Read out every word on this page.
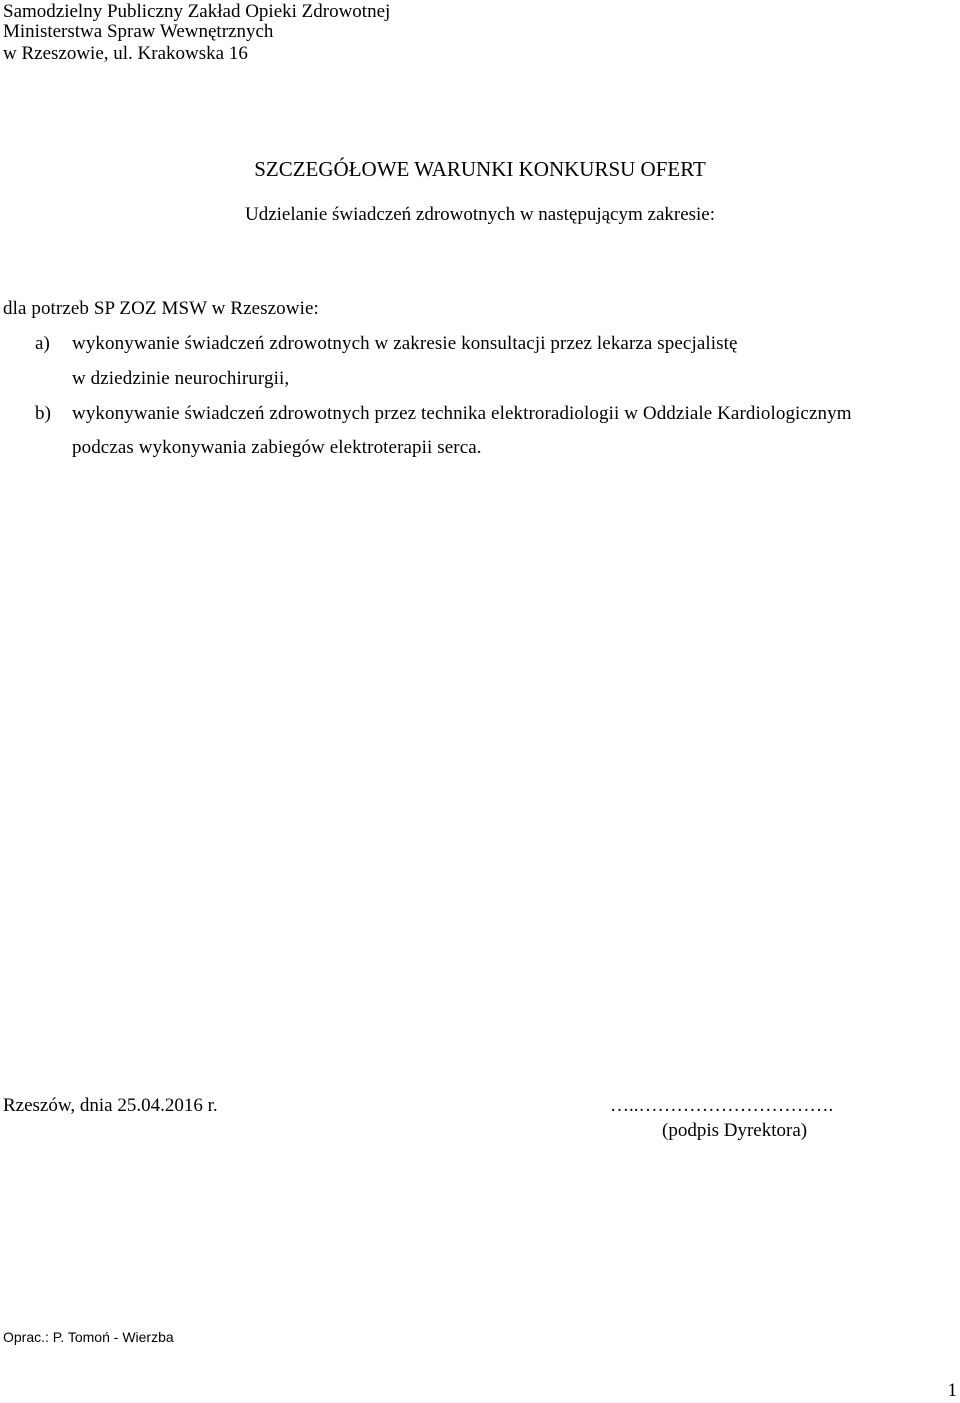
Samodzielny Publiczny Zakład Opieki Zdrowotnej
Ministerstwa Spraw Wewnętrznych
w Rzeszowie, ul. Krakowska 16
SZCZEGÓŁOWE WARUNKI KONKURSU OFERT
Udzielanie świadczeń zdrowotnych w następującym zakresie:
dla potrzeb SP ZOZ MSW w Rzeszowie:
a) wykonywanie świadczeń zdrowotnych w zakresie konsultacji przez lekarza specjalistę
w dziedzinie neurochirurgii,
b) wykonywanie świadczeń zdrowotnych przez technika elektroradiologii w Oddziale Kardiologicznym
podczas wykonywania zabiegów elektroterapii serca.
Rzeszów, dnia 25.04.2016 r.	…..………………………….
(podpis Dyrektora)
Oprac.: P. Tomoń - Wierzba
1
